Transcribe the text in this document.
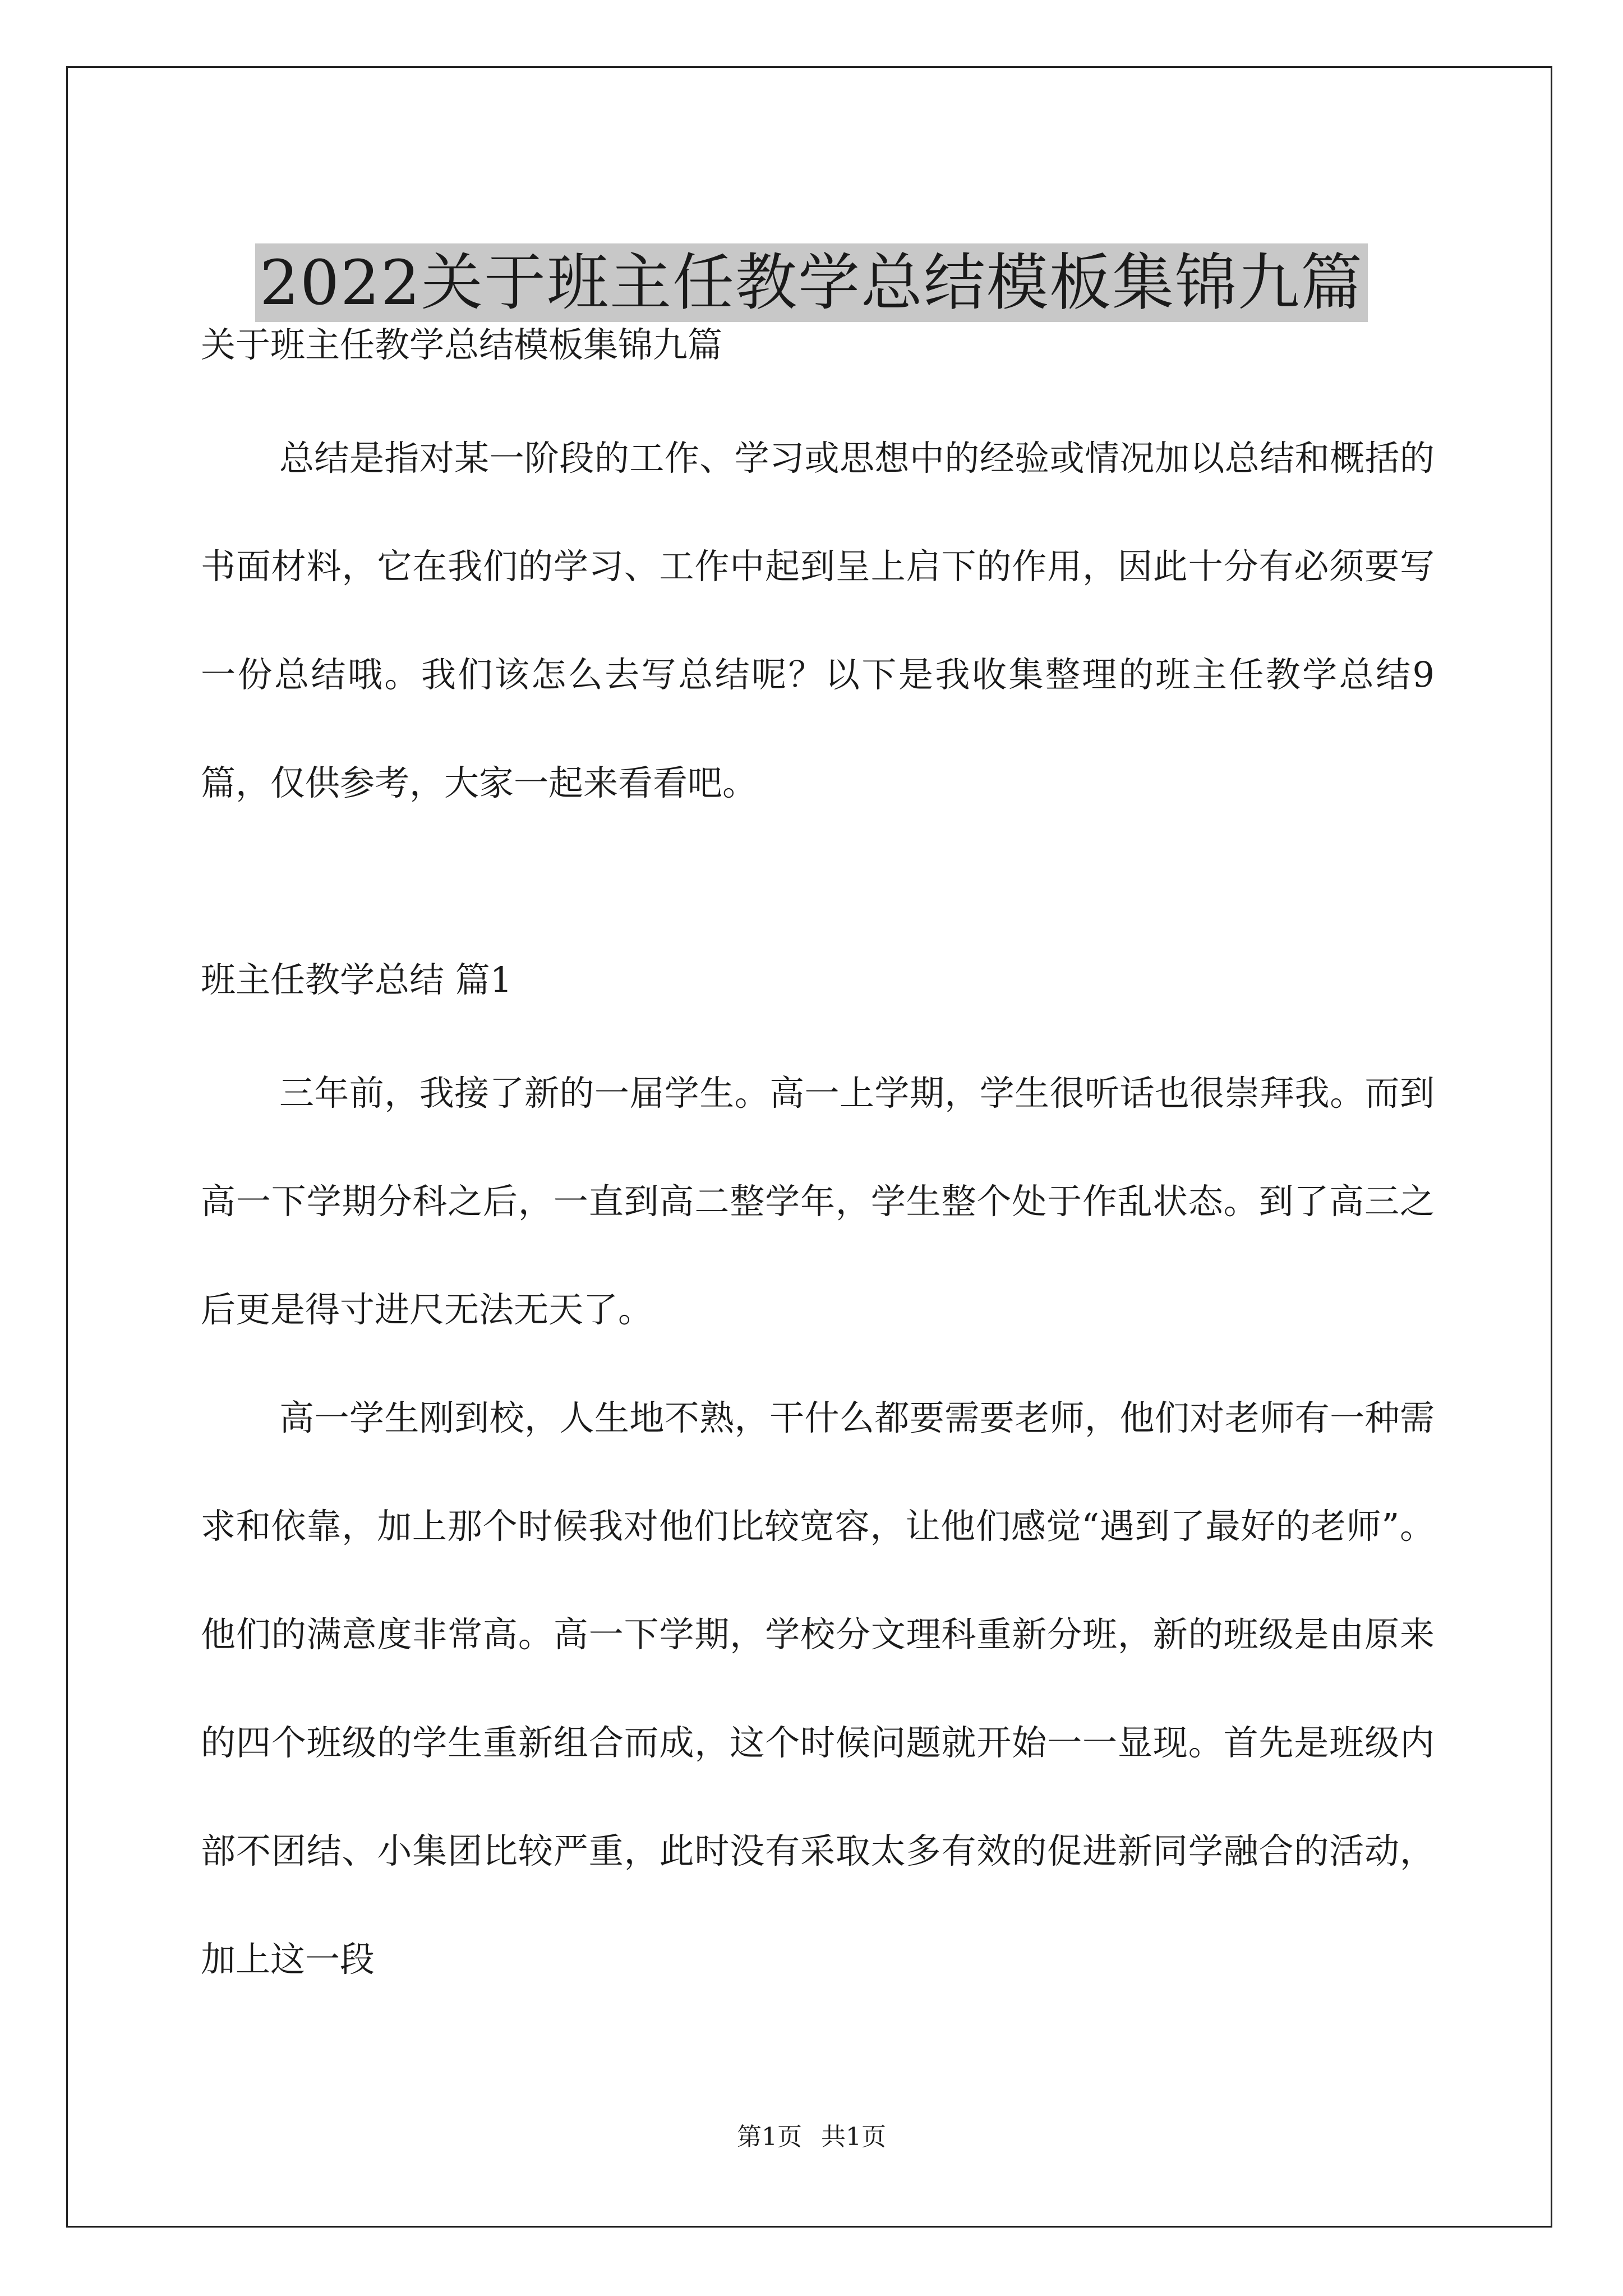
2022关于班主任教学总结模板集锦九篇

关于班主任教学总结模板集锦九篇

总结是指对某一阶段的工作、学习或思想中的经验或情况加以总结和概括的书面材料，它在我们的学习、工作中起到呈上启下的作用，因此十分有必须要写一份总结哦。我们该怎么去写总结呢？以下是我收集整理的班主任教学总结9篇，仅供参考，大家一起来看看吧。

班主任教学总结 篇1

三年前，我接了新的一届学生。高一上学期，学生很听话也很崇拜我。而到高一下学期分科之后，一直到高二整学年，学生整个处于作乱状态。到了高三之后更是得寸进尺无法无天了。

高一学生刚到校，人生地不熟，干什么都要需要老师，他们对老师有一种需求和依靠，加上那个时候我对他们比较宽容，让他们感觉“遇到了最好的老师”。他们的满意度非常高。高一下学期，学校分文理科重新分班，新的班级是由原来的四个班级的学生重新组合而成，这个时候问题就开始一一显现。首先是班级内部不团结、小集团比较严重，此时没有采取太多有效的促进新同学融合的活动，加上这一段

第1页 共1页
